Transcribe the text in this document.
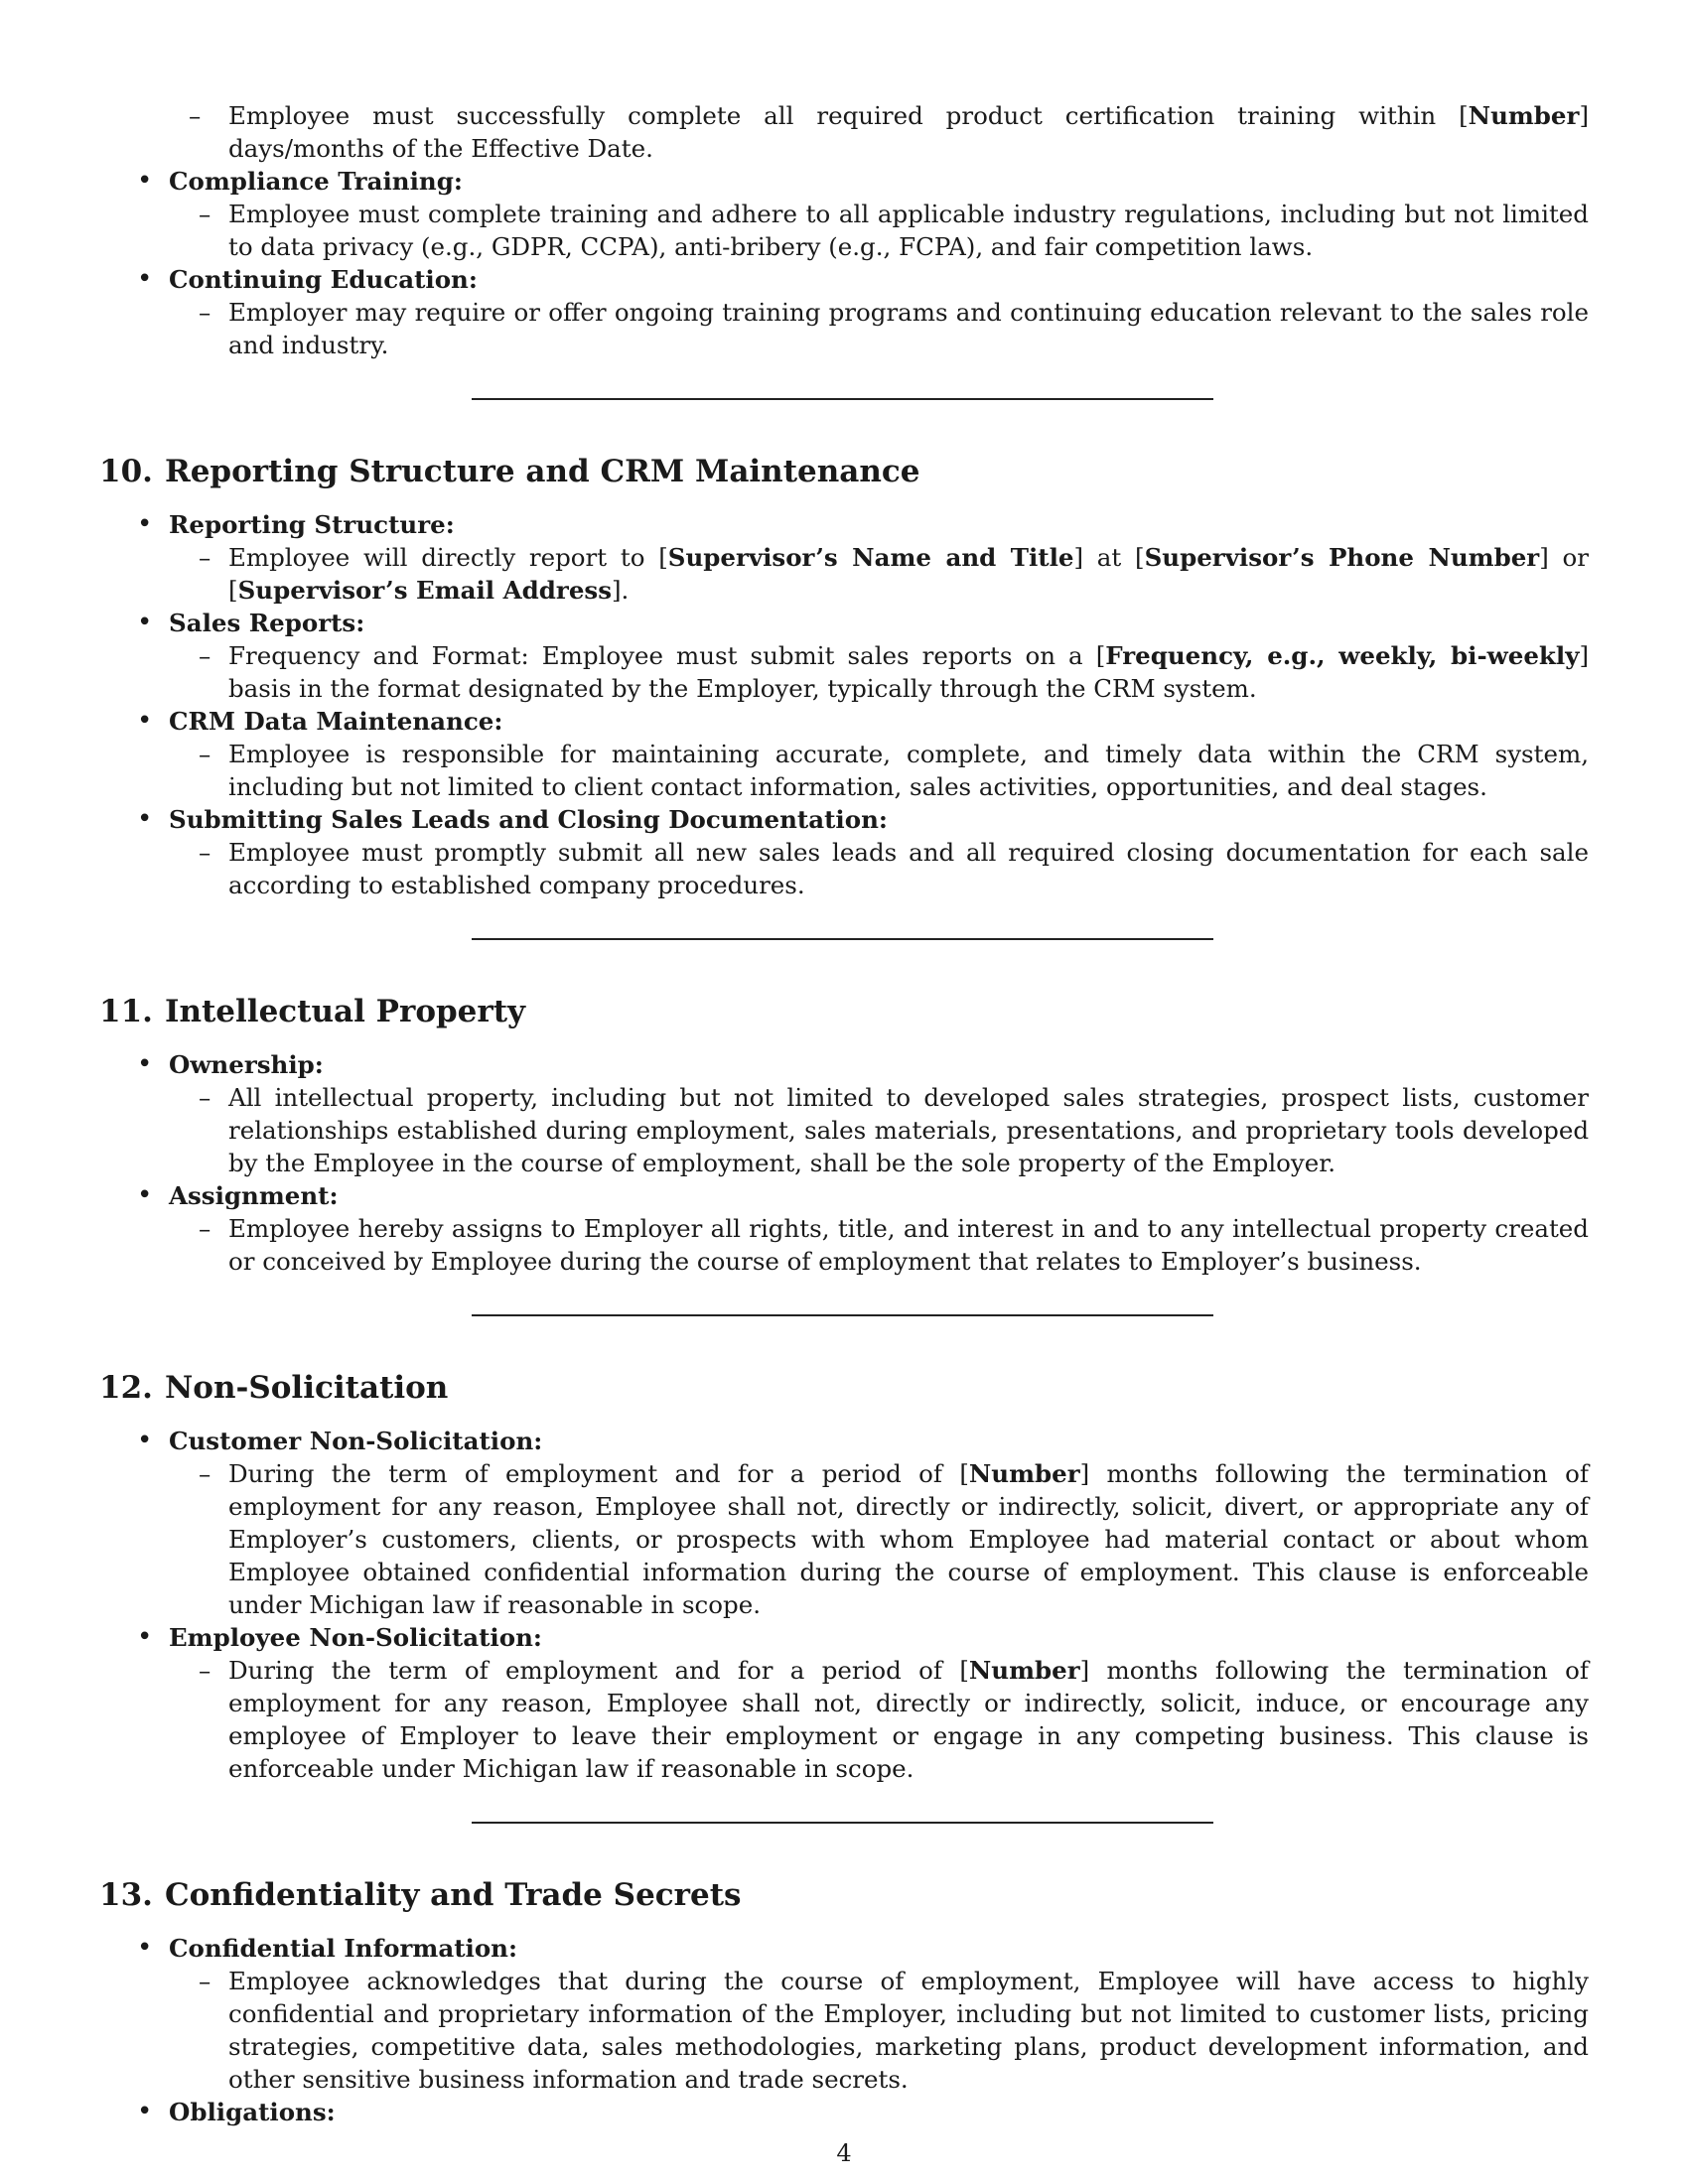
– Employee must successfully complete all required product certification training within [Number] days/months of the Effective Date.
• Compliance Training:
– Employee must complete training and adhere to all applicable industry regulations, including but not limited to data privacy (e.g., GDPR, CCPA), anti-bribery (e.g., FCPA), and fair competition laws.
• Continuing Education:
– Employer may require or offer ongoing training programs and continuing education relevant to the sales role and industry.
10. Reporting Structure and CRM Maintenance
• Reporting Structure:
– Employee will directly report to [Supervisor’s Name and Title] at [Supervisor’s Phone Number] or [Supervisor’s Email Address].
• Sales Reports:
– Frequency and Format: Employee must submit sales reports on a [Frequency, e.g., weekly, bi-weekly] basis in the format designated by the Employer, typically through the CRM system.
• CRM Data Maintenance:
– Employee is responsible for maintaining accurate, complete, and timely data within the CRM system, including but not limited to client contact information, sales activities, opportunities, and deal stages.
• Submitting Sales Leads and Closing Documentation:
– Employee must promptly submit all new sales leads and all required closing documentation for each sale according to established company procedures.
11. Intellectual Property
• Ownership:
– All intellectual property, including but not limited to developed sales strategies, prospect lists, customer relationships established during employment, sales materials, presentations, and proprietary tools developed by the Employee in the course of employment, shall be the sole property of the Employer.
• Assignment:
– Employee hereby assigns to Employer all rights, title, and interest in and to any intellectual property created or conceived by Employee during the course of employment that relates to Employer’s business.
12. Non-Solicitation
• Customer Non-Solicitation:
– During the term of employment and for a period of [Number] months following the termination of employment for any reason, Employee shall not, directly or indirectly, solicit, divert, or appropriate any of Employer’s customers, clients, or prospects with whom Employee had material contact or about whom Employee obtained confidential information during the course of employment. This clause is enforceable under Michigan law if reasonable in scope.
• Employee Non-Solicitation:
– During the term of employment and for a period of [Number] months following the termination of employment for any reason, Employee shall not, directly or indirectly, solicit, induce, or encourage any employee of Employer to leave their employment or engage in any competing business. This clause is enforceable under Michigan law if reasonable in scope.
13. Confidentiality and Trade Secrets
• Confidential Information:
– Employee acknowledges that during the course of employment, Employee will have access to highly confidential and proprietary information of the Employer, including but not limited to customer lists, pricing strategies, competitive data, sales methodologies, marketing plans, product development information, and other sensitive business information and trade secrets.
• Obligations:
4
